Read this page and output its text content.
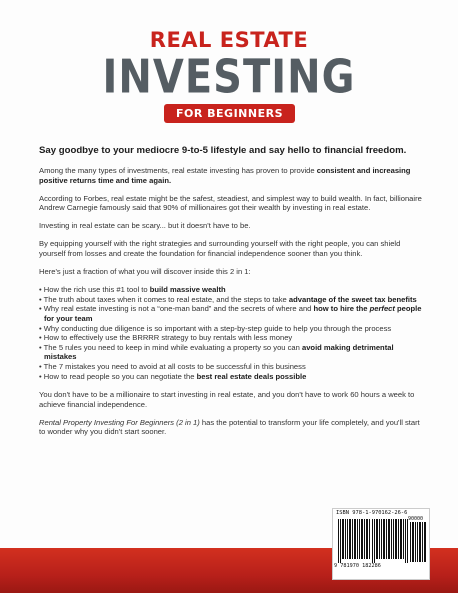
REAL ESTATE
INVESTING
FOR BEGINNERS

Say goodbye to your mediocre 9-to-5 lifestyle and say hello to financial freedom.

Among the many types of investments, real estate investing has proven to provide consistent and increasing positive returns time and time again.

According to Forbes, real estate might be the safest, steadiest, and simplest way to build wealth. In fact, billionaire Andrew Carnegie famously said that 90% of millionaires got their wealth by investing in real estate.

Investing in real estate can be scary... but it doesn't have to be.

By equipping yourself with the right strategies and surrounding yourself with the right people, you can shield yourself from losses and create the foundation for financial independence sooner than you think.

Here's just a fraction of what you will discover inside this 2 in 1:

• How the rich use this #1 tool to build massive wealth
• The truth about taxes when it comes to real estate, and the steps to take advantage of the sweet tax benefits
• Why real estate investing is not a “one-man band” and the secrets of where and how to hire the perfect people for your team
• Why conducting due diligence is so important with a step-by-step guide to help you through the process
• How to effectively use the BRRRR strategy to buy rentals with less money
• The 5 rules you need to keep in mind while evaluating a property so you can avoid making detrimental mistakes
• The 7 mistakes you need to avoid at all costs to be successful in this business
• How to read people so you can negotiate the best real estate deals possible

You don't have to be a millionaire to start investing in real estate, and you don't have to work 60 hours a week to achieve financial independence.

Rental Property Investing For Beginners (2 in 1) has the potential to transform your life completely, and you'll start to wonder why you didn't start sooner.

ISBN 978-1-970162-26-6
90000
9 781970 182286
